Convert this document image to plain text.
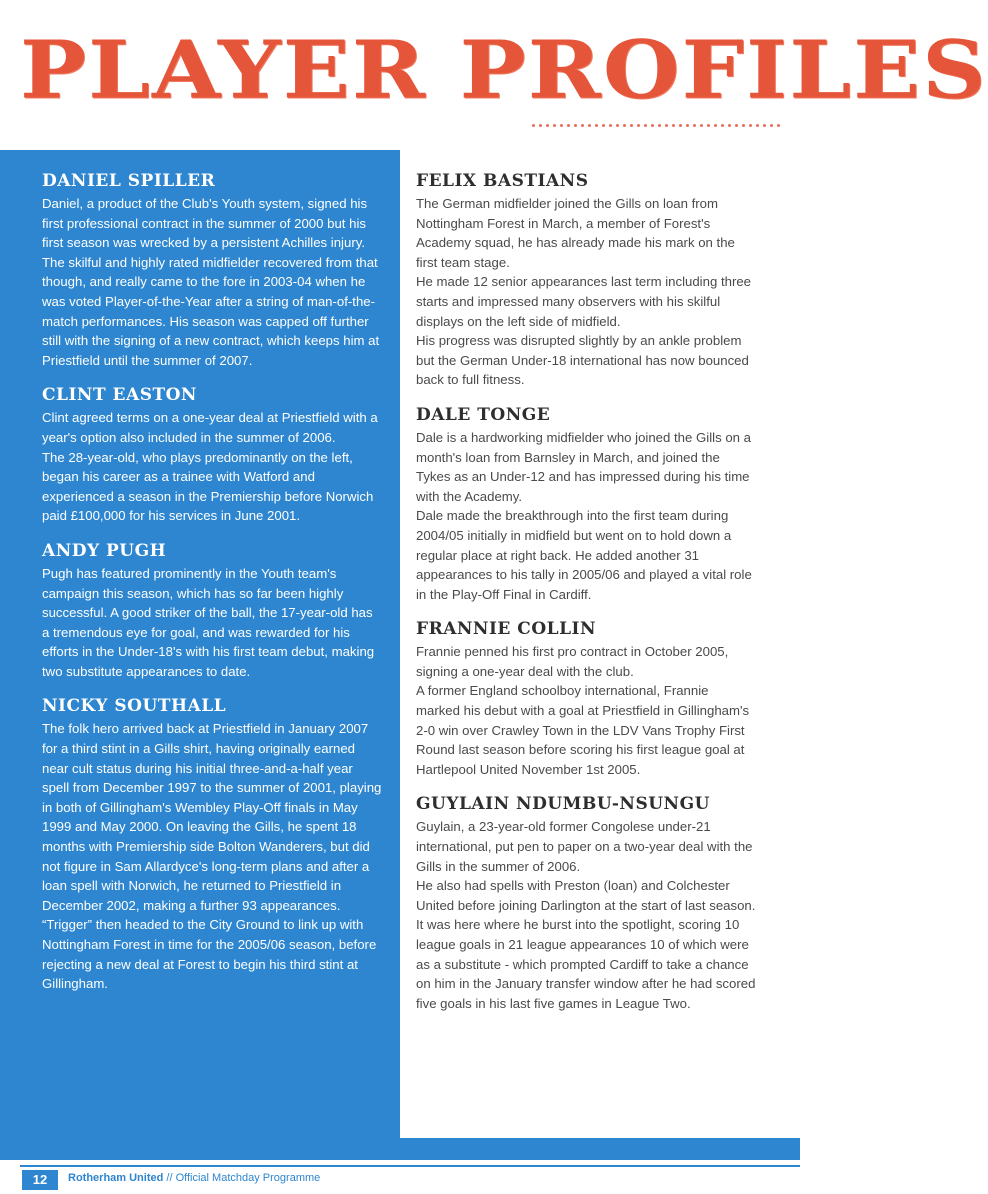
PLAYER PROFILES
DANIEL SPILLER

Daniel, a product of the Club's Youth system, signed his first professional contract in the summer of 2000 but his first season was wrecked by a persistent Achilles injury.

The skilful and highly rated midfielder recovered from that though, and really came to the fore in 2003-04 when he was voted Player-of-the-Year after a string of man-of-the-match performances. His season was capped off further still with the signing of a new contract, which keeps him at Priestfield until the summer of 2007.

CLINT EASTON

Clint agreed terms on a one-year deal at Priestfield with a year's option also included in the summer of 2006.

The 28-year-old, who plays predominantly on the left, began his career as a trainee with Watford and experienced a season in the Premiership before Norwich paid £100,000 for his services in June 2001.

ANDY PUGH

Pugh has featured prominently in the Youth team's campaign this season, which has so far been highly successful. A good striker of the ball, the 17-year-old has a tremendous eye for goal, and was rewarded for his efforts in the Under-18's with his first team debut, making two substitute appearances to date.

NICKY SOUTHALL

The folk hero arrived back at Priestfield in January 2007 for a third stint in a Gills shirt, having originally earned near cult status during his initial three-and-a-half year spell from December 1997 to the summer of 2001, playing in both of Gillingham's Wembley Play-Off finals in May 1999 and May 2000. On leaving the Gills, he spent 18 months with Premiership side Bolton Wanderers, but did not figure in Sam Allardyce's long-term plans and after a loan spell with Norwich, he returned to Priestfield in December 2002, making a further 93 appearances. “Trigger” then headed to the City Ground to link up with Nottingham Forest in time for the 2005/06 season, before rejecting a new deal at Forest to begin his third stint at Gillingham.

FELIX BASTIANS

The German midfielder joined the Gills on loan from Nottingham Forest in March, a member of Forest's Academy squad, he has already made his mark on the first team stage.

He made 12 senior appearances last term including three starts and impressed many observers with his skilful displays on the left side of midfield.

His progress was disrupted slightly by an ankle problem but the German Under-18 international has now bounced back to full fitness.

DALE TONGE

Dale is a hardworking midfielder who joined the Gills on a month's loan from Barnsley in March, and joined the Tykes as an Under-12 and has impressed during his time with the Academy.

Dale made the breakthrough into the first team during 2004/05 initially in midfield but went on to hold down a regular place at right back. He added another 31 appearances to his tally in 2005/06 and played a vital role in the Play-Off Final in Cardiff.

FRANNIE COLLIN

Frannie penned his first pro contract in October 2005, signing a one-year deal with the club.

A former England schoolboy international, Frannie marked his debut with a goal at Priestfield in Gillingham's 2-0 win over Crawley Town in the LDV Vans Trophy First Round last season before scoring his first league goal at Hartlepool United November 1st 2005.

GUYLAIN NDUMBU-NSUNGU

Guylain, a 23-year-old former Congolese under-21 international, put pen to paper on a two-year deal with the Gills in the summer of 2006.

He also had spells with Preston (loan) and Colchester United before joining Darlington at the start of last season. It was here where he burst into the spotlight, scoring 10 league goals in 21 league appearances 10 of which were as a substitute - which prompted Cardiff to take a chance on him in the January transfer window after he had scored five goals in his last five games in League Two.

12	Rotherham United // Official Matchday Programme
